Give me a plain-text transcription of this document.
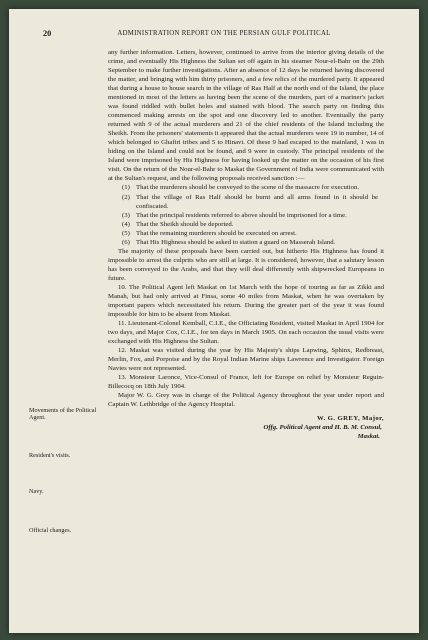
20	ADMINISTRATION REPORT ON THE PERSIAN GULF POLITICAL
Movements of the Political Agent.
Resident's visits.
Navy.
Official changes.

any further information. Letters, however, continued to arrive from the interior giving details of the crime, and eventually His Highness the Sultan set off again in his steamer Nour-el-Bahr on the 29th September to make further investigations. After an absence of 12 days he returned having discovered the matter, and bringing with him thirty prisoners, and a few relics of the murdered party. It appeared that during a house to house search in the village of Ras Half at the north end of the Island, the place mentioned in most of the letters as having been the scene of the murders, part of a mariner's jacket was found riddled with bullet holes and stained with blood. The search party on finding this commenced making arrests on the spot and one discovery led to another. Eventually the party returned with 9 of the actual murderers and 21 of the chief residents of the Island including the Sheikh. From the prisoners' statements it appeared that the actual murderers were 19 in number, 14 of which belonged to Ghafiri tribes and 5 to Hinavi. Of these 9 had escaped to the mainland, 1 was in hiding on the Island and could not be found, and 9 were in custody. The principal residents of the Island were imprisoned by His Highness for having looked up the matter on the occasion of his first visit. On the return of the Nour-el-Bahr to Maskat the Government of India were communicated with at the Sultan's request, and the following proposals received sanction :—

(1) That the murderers should be conveyed to the scene of the massacre for execution.
(2) That the village of Ras Half should be burnt and all arms found in it should be confiscated.
(3) That the principal residents referred to above should be imprisoned for a time.
(4) That the Sheikh should be deported.
(5) That the remaining murderers should be executed on arrest.
(6) That His Highness should be asked to station a guard on Masserah Island.

The majority of these proposals have been carried out, but hitherto His Highness has found it impossible to arrest the culprits who are still at large. It is considered, however, that a salutary lesson has been conveyed to the Arabs, and that they will deal differently with shipwrecked Europeans in future.

10. The Political Agent left Maskat on 1st March with the hope of touring as far as Zikki and Manah, but had only arrived at Finsa, some 40 miles from Maskat, when he was overtaken by important papers which necessitated his return. During the greater part of the year it was found impossible for him to be absent from Maskat.

11. Lieutenant-Colonel Kemball, C.I.E., the Officiating Resident, visited Maskat in April 1904 for two days, and Major Cox, C.I.E., for ten days in March 1905. On each occasion the usual visits were exchanged with His Highness the Sultan.

12. Maskat was visited during the year by His Majesty's ships Lapwing, Sphinx, Redbreast, Merlin, Fox, and Porpoise and by the Royal Indian Marine ships Lawrence and Investigator. Foreign Navies were not represented.

13. Monsieur Laronce, Vice-Consul of France, left for Europe on relief by Monsieur Reguin-Billecocq on 18th July 1904.

Major W. G. Grey was in charge of the Political Agency throughout the year under report and Captain W. Lethbridge of the Agency Hospital.

W. G. GREY, Major,
Offg. Political Agent and H. B. M. Consul,
Maskat.
